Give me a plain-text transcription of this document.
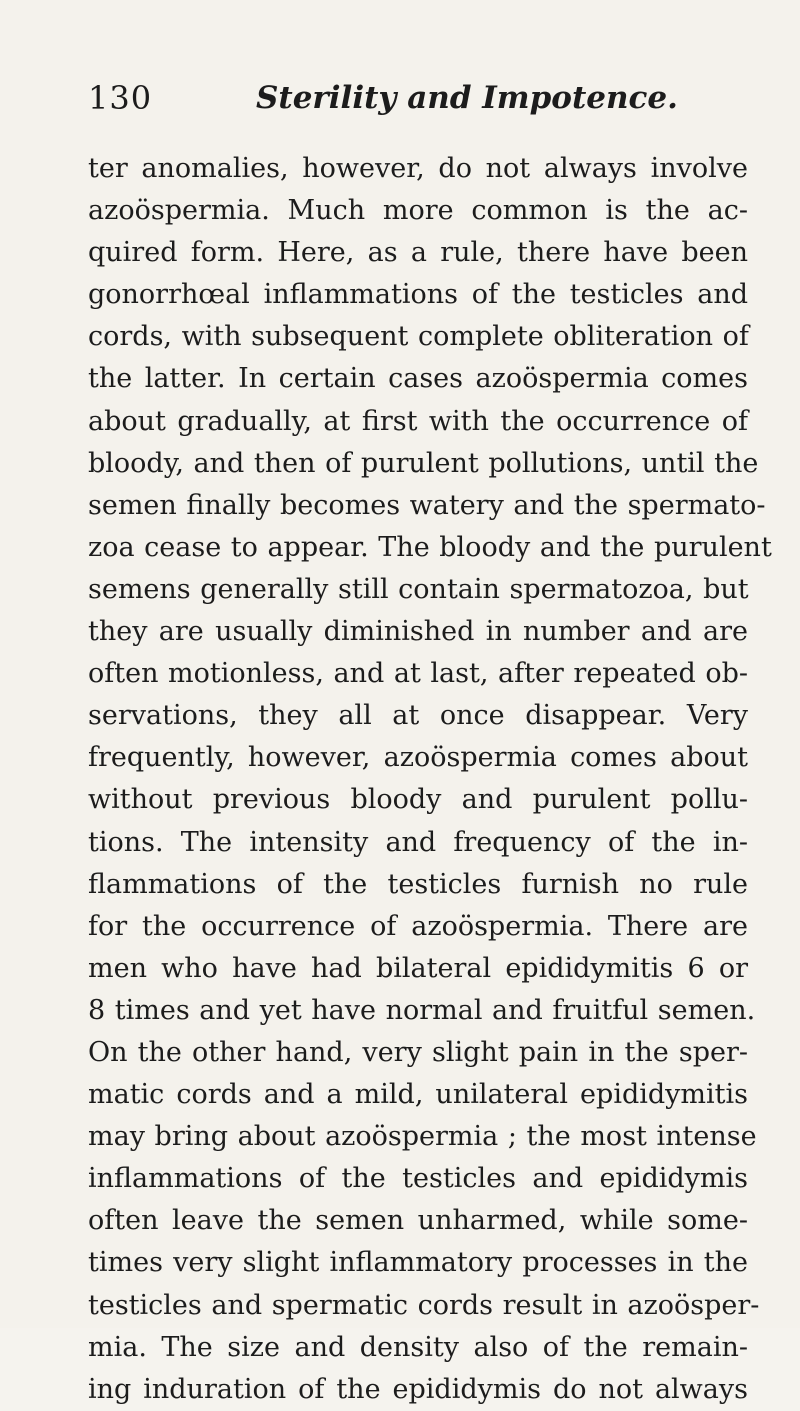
130	Sterility and Impotence.
ter anomalies, however, do not always involve
azoöspermia. Much more common is the ac-
quired form. Here, as a rule, there have been
gonorrhœal inflammations of the testicles and
cords, with subsequent complete obliteration of
the latter. In certain cases azoöspermia comes
about gradually, at first with the occurrence of
bloody, and then of purulent pollutions, until the
semen finally becomes watery and the spermato-
zoa cease to appear. The bloody and the purulent
semens generally still contain spermatozoa, but
they are usually diminished in number and are
often motionless, and at last, after repeated ob-
servations, they all at once disappear. Very
frequently, however, azoöspermia comes about
without previous bloody and purulent pollu-
tions. The intensity and frequency of the in-
flammations of the testicles furnish no rule
for the occurrence of azoöspermia. There are
men who have had bilateral epididymitis 6 or
8 times and yet have normal and fruitful semen.
On the other hand, very slight pain in the sper-
matic cords and a mild, unilateral epididymitis
may bring about azoöspermia ; the most intense
inflammations of the testicles and epididymis
often leave the semen unharmed, while some-
times very slight inflammatory processes in the
testicles and spermatic cords result in azoösper-
mia. The size and density also of the remain-
ing induration of the epididymis do not always
